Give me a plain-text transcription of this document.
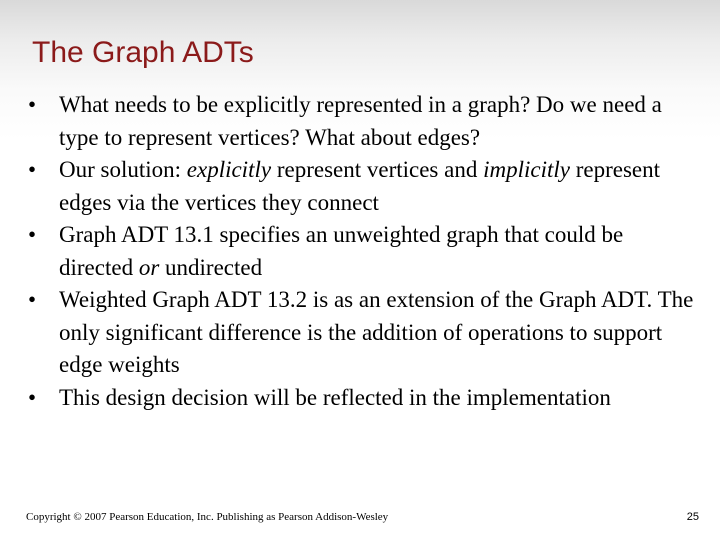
The Graph ADTs
• What needs to be explicitly represented in a graph? Do we need a type to represent vertices? What about edges?
• Our solution: explicitly represent vertices and implicitly represent edges via the vertices they connect
• Graph ADT 13.1 specifies an unweighted graph that could be directed or undirected
• Weighted Graph ADT 13.2 is as an extension of the Graph ADT. The only significant difference is the addition of operations to support edge weights
• This design decision will be reflected in the implementation
Copyright © 2007 Pearson Education, Inc. Publishing as Pearson Addison-Wesley	25
